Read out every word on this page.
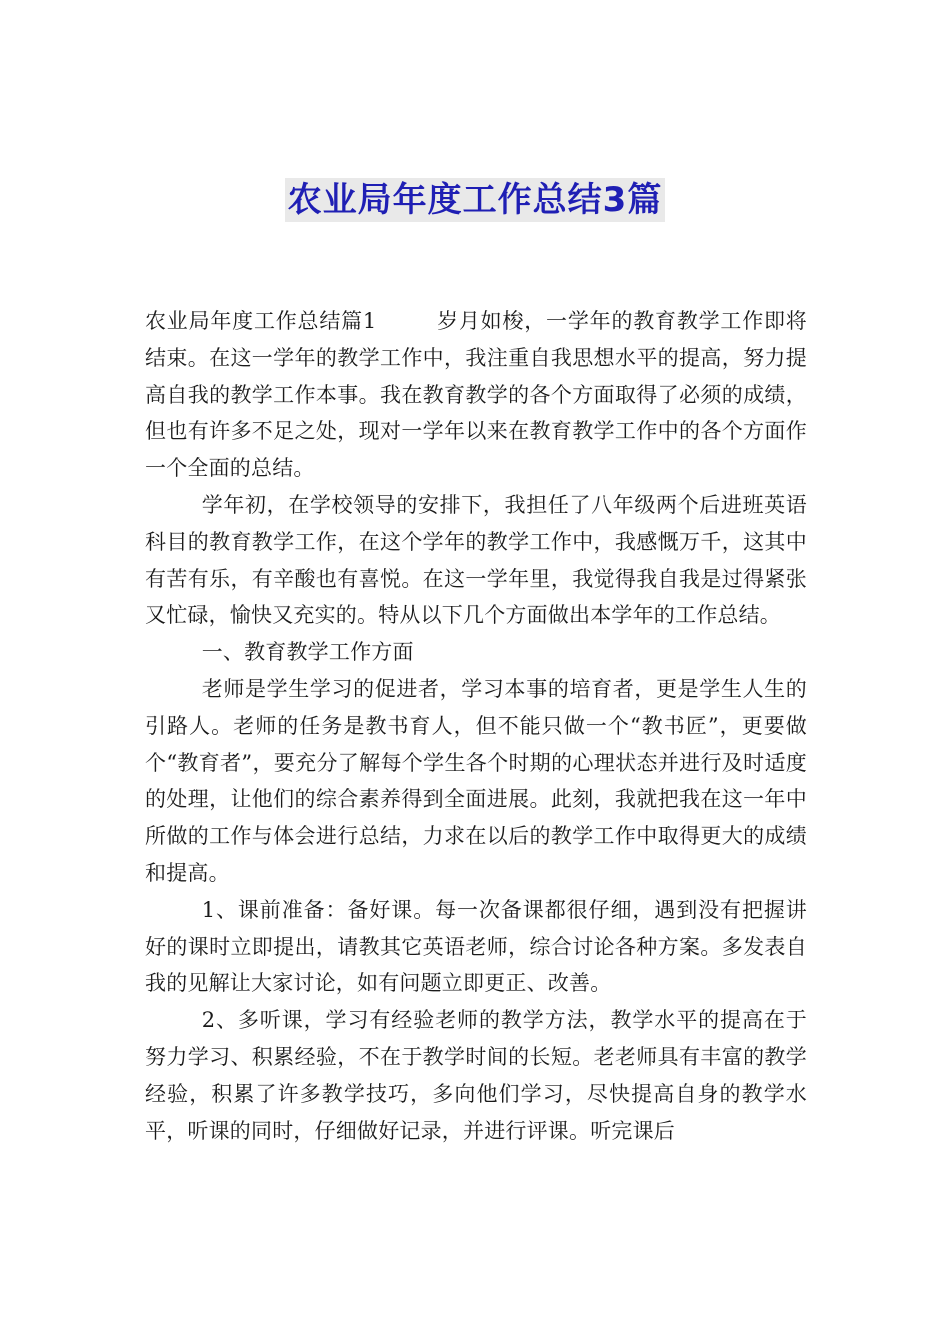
农业局年度工作总结3篇

农业局年度工作总结篇1	岁月如梭，一学年的教育教学工作即将结束。在这一学年的教学工作中，我注重自我思想水平的提高，努力提高自我的教学工作本事。我在教育教学的各个方面取得了必须的成绩，但也有许多不足之处，现对一学年以来在教育教学工作中的各个方面作一个全面的总结。

学年初，在学校领导的安排下，我担任了八年级两个后进班英语科目的教育教学工作，在这个学年的教学工作中，我感慨万千，这其中有苦有乐，有辛酸也有喜悦。在这一学年里，我觉得我自我是过得紧张又忙碌，愉快又充实的。特从以下几个方面做出本学年的工作总结。

一、教育教学工作方面

老师是学生学习的促进者，学习本事的培育者，更是学生人生的引路人。老师的任务是教书育人，但不能只做一个“教书匠”，更要做个“教育者”，要充分了解每个学生各个时期的心理状态并进行及时适度的处理，让他们的综合素养得到全面进展。此刻，我就把我在这一年中所做的工作与体会进行总结，力求在以后的教学工作中取得更大的成绩和提高。

1、课前准备：备好课。每一次备课都很仔细，遇到没有把握讲好的课时立即提出，请教其它英语老师，综合讨论各种方案。多发表自我的见解让大家讨论，如有问题立即更正、改善。

2、多听课，学习有经验老师的教学方法，教学水平的提高在于努力学习、积累经验，不在于教学时间的长短。老老师具有丰富的教学经验，积累了许多教学技巧，多向他们学习，尽快提高自身的教学水平，听课的同时，仔细做好记录，并进行评课。听完课后
